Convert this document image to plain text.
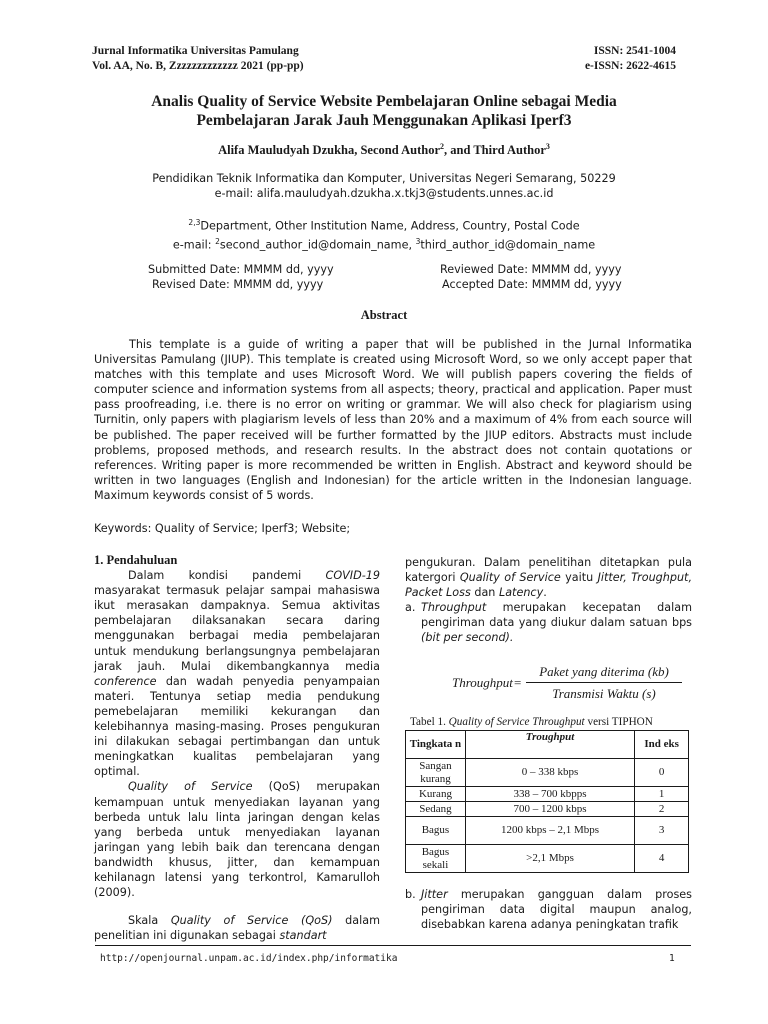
Jurnal Informatika Universitas Pamulang
Vol. AA, No. B, Zzzzzzzzzzzzz 2021 (pp-pp)
ISSN: 2541-1004
e-ISSN: 2622-4615
Analis Quality of Service Website Pembelajaran Online sebagai Media
Pembelajaran Jarak Jauh Menggunakan Aplikasi Iperf3
Alifa Mauludyah Dzukha, Second Author$^2$, and Third Author$^3$
Pendidikan Teknik Informatika dan Komputer, Universitas Negeri Semarang, 50229
e-mail: alifa.mauludyah.dzukha.x.tkj3@students.unnes.ac.id
$^{2,3}$Department, Other Institution Name, Address, Country, Postal Code
e-mail: $^2$second_author_id@domain_name, $^3$third_author_id@domain_name
Submitted Date: MMMM dd, yyyy	Reviewed Date: MMMM dd, yyyy
Revised Date: MMMM dd, yyyy	Accepted Date: MMMM dd, yyyy
Abstract
This template is a guide of writing a paper that will be published in the Jurnal Informatika Universitas Pamulang (JIUP). This template is created using Microsoft Word, so we only accept paper that matches with this template and uses Microsoft Word. We will publish papers covering the fields of computer science and information systems from all aspects; theory, practical and application. Paper must pass proofreading, i.e. there is no error on writing or grammar. We will also check for plagiarism using Turnitin, only papers with plagiarism levels of less than 20% and a maximum of 4% from each source will be published. The paper received will be further formatted by the JIUP editors. Abstracts must include problems, proposed methods, and research results. In the abstract does not contain quotations or references. Writing paper is more recommended be written in English. Abstract and keyword should be written in two languages (English and Indonesian) for the article written in the Indonesian language. Maximum keywords consist of 5 words.
Keywords: Quality of Service; Iperf3; Website;
1. Pendahuluan

Dalam kondisi pandemi COVID-19 masyarakat termasuk pelajar sampai mahasiswa ikut merasakan dampaknya. Semua aktivitas pembelajaran dilaksanakan secara daring menggunakan berbagai media pembelajaran untuk mendukung berlangsungnya pembelajaran jarak jauh. Mulai dikembangkannya media conference dan wadah penyedia penyampaian materi. Tentunya setiap media pendukung pemebelajaran memiliki kekurangan dan kelebihannya masing-masing. Proses pengukuran ini dilakukan sebagai pertimbangan dan untuk meningkatkan kualitas pembelajaran yang optimal.

Quality of Service (QoS) merupakan kemampuan untuk menyediakan layanan yang berbeda untuk lalu linta jaringan dengan kelas yang berbeda untuk menyediakan layanan jaringan yang lebih baik dan terencana dengan bandwidth khusus, jitter, dan kemampuan kehilanagn latensi yang terkontrol, Kamarulloh (2009).

Skala Quality of Service (QoS) dalam penelitian ini digunakan sebagai standart

pengukuran. Dalam penelitihan ditetapkan pula katergori Quality of Service yaitu Jitter, Troughput, Packet Loss dan Latency.

a. Throughput merupakan kecepatan dalam pengiriman data yang diukur dalam satuan bps (bit per second).
Throughput =
Paket yang diterima (kb)
Transmisi Waktu (s)
Tabel 1. Quality of Service Throughput versi TIPHON
Tingkata n	Troughput	Ind eks
Sangan kurang	0 – 338 kbps	0
Kurang	338 – 700 kbpps	1
Sedang	700 – 1200 kbps	2
Bagus	1200 kbps – 2,1 Mbps	3
Bagus sekali	>2,1 Mbps	4
b. Jitter merupakan gangguan dalam proses pengiriman data digital maupun analog, disebabkan karena adanya peningkatan trafik
http://openjournal.unpam.ac.id/index.php/informatika	1
